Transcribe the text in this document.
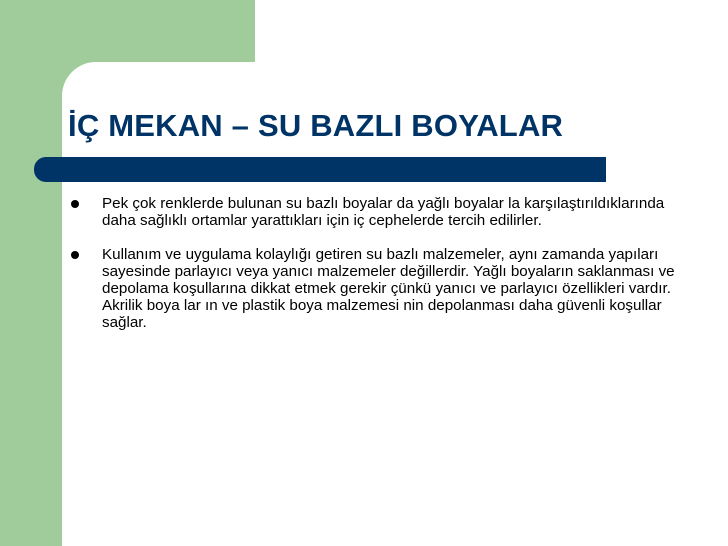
İÇ MEKAN – SU BAZLI BOYALAR
Pek çok renklerde bulunan su bazlı boyalar da yağlı boyalar la karşılaştırıldıklarında daha sağlıklı ortamlar yarattıkları için iç cephelerde tercih edilirler.
Kullanım ve uygulama kolaylığı getiren su bazlı malzemeler, aynı zamanda yapıları sayesinde parlayıcı veya yanıcı malzemeler değillerdir. Yağlı boyaların saklanması ve depolama koşullarına dikkat etmek gerekir çünkü yanıcı ve parlayıcı özellikleri vardır. Akrilik boya lar ın ve plastik boya malzemesi nin depolanması daha güvenli koşullar sağlar.
